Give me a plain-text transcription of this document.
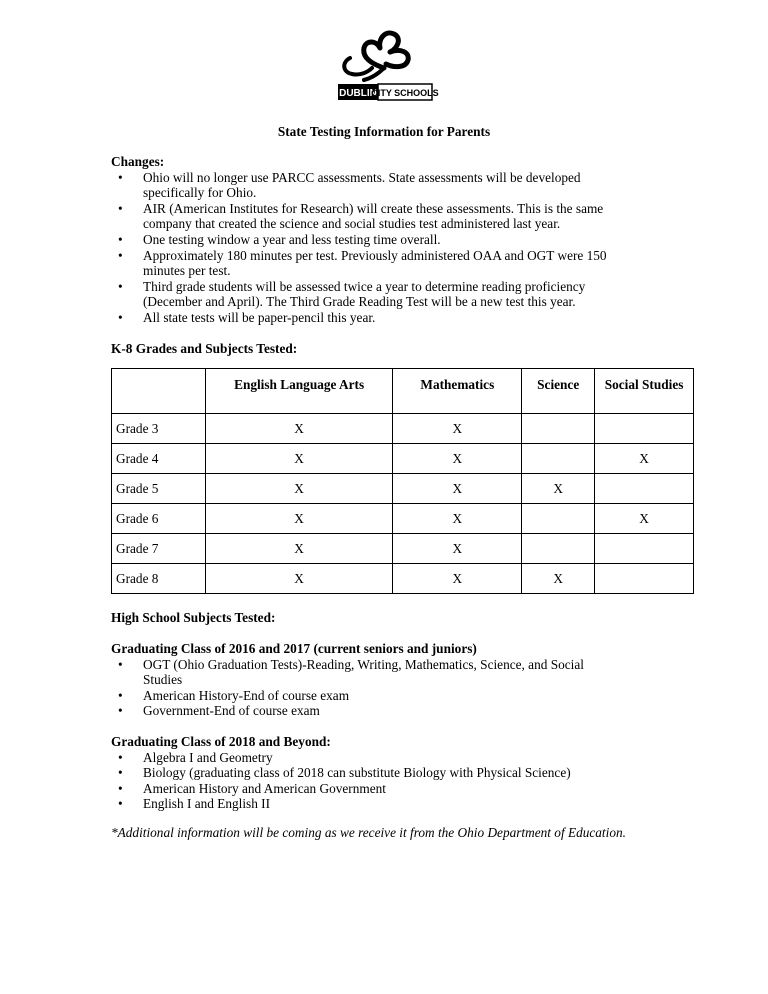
DUBLIN
CITY SCHOOLS
State Testing Information for Parents
Changes:
• Ohio will no longer use PARCC assessments. State assessments will be developed
specifically for Ohio.
• AIR (American Institutes for Research) will create these assessments. This is the same
company that created the science and social studies test administered last year.
• One testing window a year and less testing time overall.
• Approximately 180 minutes per test. Previously administered OAA and OGT were 150
minutes per test.
• Third grade students will be assessed twice a year to determine reading proficiency
(December and April). The Third Grade Reading Test will be a new test this year.
• All state tests will be paper-pencil this year.
K-8 Grades and Subjects Tested:
	English Language Arts	Mathematics	Science	Social Studies
Grade 3	X	X		
Grade 4	X	X		X
Grade 5	X	X	X	
Grade 6	X	X		X
Grade 7	X	X		
Grade 8	X	X	X	
High School Subjects Tested:
Graduating Class of 2016 and 2017 (current seniors and juniors)
• OGT (Ohio Graduation Tests)-Reading, Writing, Mathematics, Science, and Social
Studies
• American History-End of course exam
• Government-End of course exam
Graduating Class of 2018 and Beyond:
• Algebra I and Geometry
• Biology (graduating class of 2018 can substitute Biology with Physical Science)
• American History and American Government
• English I and English II
*Additional information will be coming as we receive it from the Ohio Department of Education.
